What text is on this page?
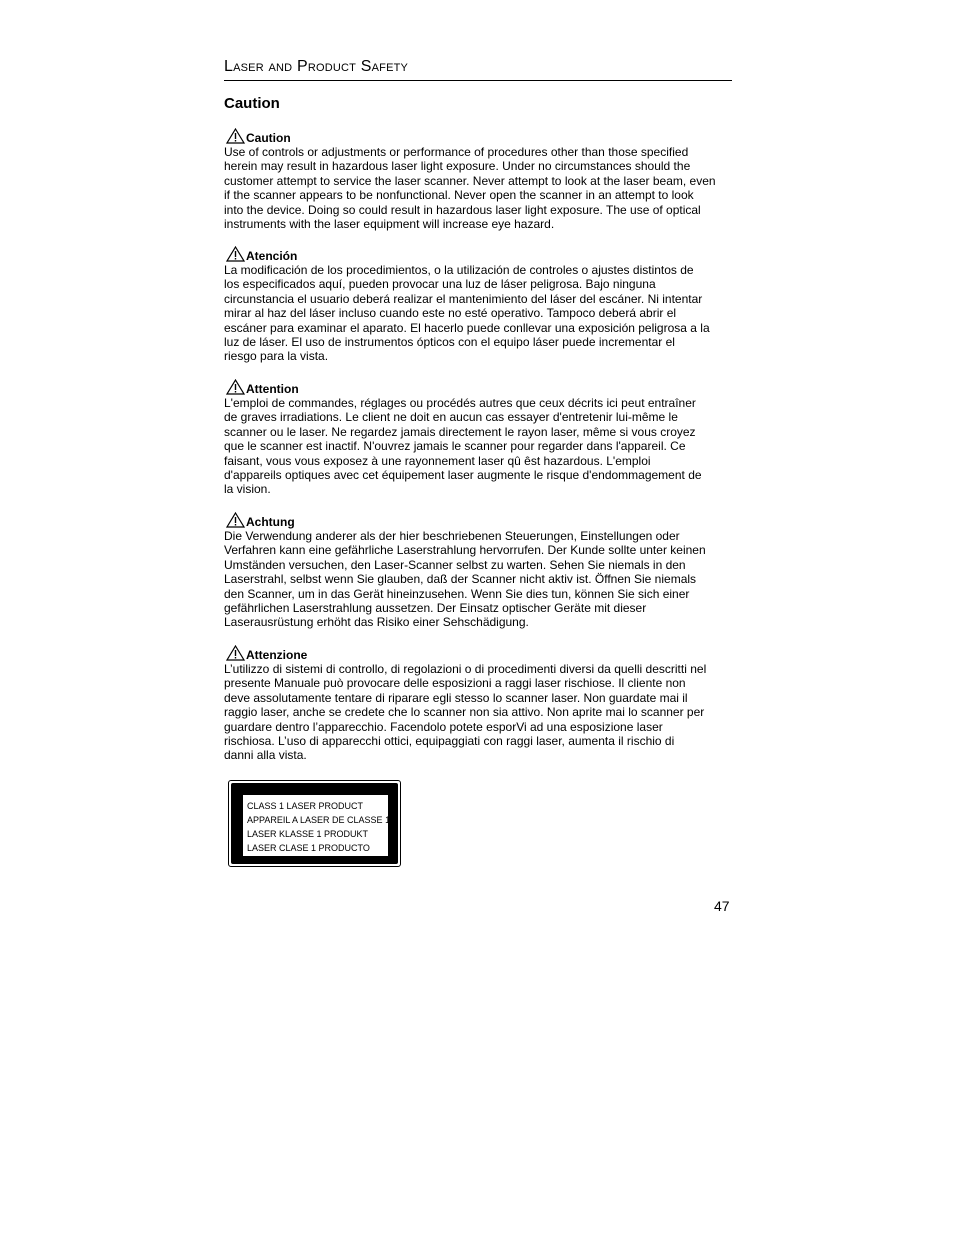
Laser and Product Safety
Caution
Caution

Use of controls or adjustments or performance of procedures other than those specified
herein may result in hazardous laser light exposure. Under no circumstances should the
customer attempt to service the laser scanner. Never attempt to look at the laser beam, even
if the scanner appears to be nonfunctional. Never open the scanner in an attempt to look
into the device. Doing so could result in hazardous laser light exposure. The use of optical
instruments with the laser equipment will increase eye hazard.

Atención

La modificación de los procedimientos, o la utilización de controles o ajustes distintos de
los especificados aquí, pueden provocar una luz de láser peligrosa. Bajo ninguna
circunstancia el usuario deberá realizar el mantenimiento del láser del escáner. Ni intentar
mirar al haz del láser incluso cuando este no esté operativo. Tampoco deberá abrir el
escáner para examinar el aparato. El hacerlo puede conllevar una exposición peligrosa a la
luz de láser. El uso de instrumentos ópticos con el equipo láser puede incrementar el
riesgo para la vista.

Attention

L'emploi de commandes, réglages ou procédés autres que ceux décrits ici peut entraîner
de graves irradiations. Le client ne doit en aucun cas essayer d'entretenir lui-même le
scanner ou le laser. Ne regardez jamais directement le rayon laser, même si vous croyez
que le scanner est inactif. N'ouvrez jamais le scanner pour regarder dans l'appareil. Ce
faisant, vous vous exposez à une rayonnement laser qû êst hazardous. L'emploi
d'appareils optiques avec cet équipement laser augmente le risque d'endommagement de
la vision.

Achtung

Die Verwendung anderer als der hier beschriebenen Steuerungen, Einstellungen oder
Verfahren kann eine gefährliche Laserstrahlung hervorrufen. Der Kunde sollte unter keinen
Umständen versuchen, den Laser-Scanner selbst zu warten. Sehen Sie niemals in den
Laserstrahl, selbst wenn Sie glauben, daß der Scanner nicht aktiv ist. Öffnen Sie niemals
den Scanner, um in das Gerät hineinzusehen. Wenn Sie dies tun, können Sie sich einer
gefährlichen Laserstrahlung aussetzen. Der Einsatz optischer Geräte mit dieser
Laserausrüstung erhöht das Risiko einer Sehschädigung.

Attenzione

L’utilizzo di sistemi di controllo, di regolazioni o di procedimenti diversi da quelli descritti nel
presente Manuale può provocare delle esposizioni a raggi laser rischiose. Il cliente non
deve assolutamente tentare di riparare egli stesso lo scanner laser. Non guardate mai il
raggio laser, anche se credete che lo scanner non sia attivo. Non aprite mai lo scanner per
guardare dentro l’apparecchio. Facendolo potete esporVi ad una esposizione laser
rischiosa. L’uso di apparecchi ottici, equipaggiati con raggi laser, aumenta il rischio di
danni alla vista.

CLASS 1 LASER PRODUCT
APPAREIL A LASER DE CLASSE 1
LASER KLASSE 1 PRODUKT
LASER CLASE 1 PRODUCTO
47
